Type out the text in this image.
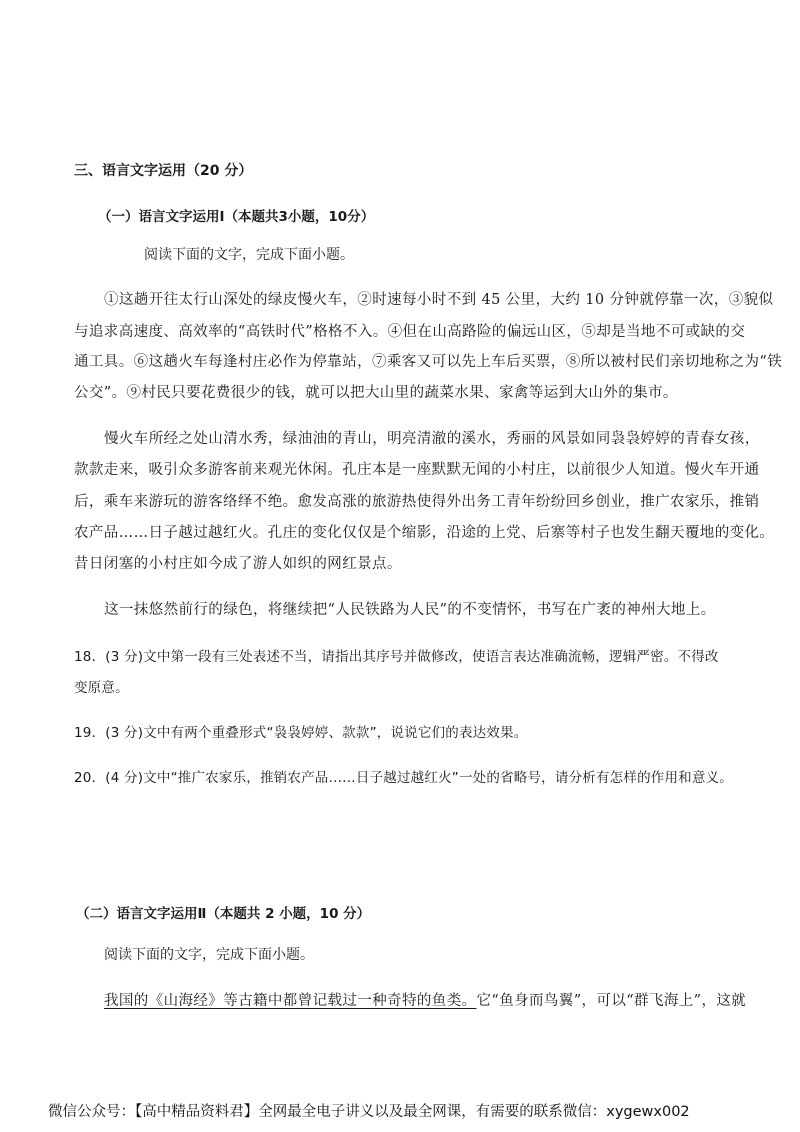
三、语言文字运用（20 分）
（一）语言文字运用Ⅰ（本题共3小题，10分）
阅读下面的文字，完成下面小题。
①这趟开往太行山深处的绿皮慢火车，②时速每小时不到 45 公里，大约 10 分钟就停靠一次，③貌似
与追求高速度、高效率的“高铁时代”格格不入。④但在山高路险的偏远山区，⑤却是当地不可或缺的交
通工具。⑥这趟火车每逢村庄必作为停靠站，⑦乘客又可以先上车后买票，⑧所以被村民们亲切地称之为“铁
公交”。⑨村民只要花费很少的钱，就可以把大山里的蔬菜水果、家禽等运到大山外的集市。
慢火车所经之处山清水秀，绿油油的青山，明亮清澈的溪水，秀丽的风景如同袅袅婷婷的青春女孩，
款款走来，吸引众多游客前来观光休闲。孔庄本是一座默默无闻的小村庄，以前很少人知道。慢火车开通
后，乘车来游玩的游客络绎不绝。愈发高涨的旅游热使得外出务工青年纷纷回乡创业，推广农家乐，推销
农产品……日子越过越红火。孔庄的变化仅仅是个缩影，沿途的上党、后寨等村子也发生翻天覆地的变化。
昔日闭塞的小村庄如今成了游人如织的网红景点。
这一抹悠然前行的绿色，将继续把“人民铁路为人民”的不变情怀，书写在广袤的神州大地上。
18．(3 分)文中第一段有三处表述不当，请指出其序号并做修改，使语言表达准确流畅，逻辑严密。不得改
变原意。
19．(3 分)文中有两个重叠形式“袅袅婷婷、款款”，说说它们的表达效果。
20．(4 分)文中“推广农家乐，推销农产品……日子越过越红火”一处的省略号，请分析有怎样的作用和意义。
（二）语言文字运用Ⅱ（本题共 2 小题，10 分）
阅读下面的文字，完成下面小题。
我国的《山海经》等古籍中都曾记载过一种奇特的鱼类。它“鱼身而鸟翼”，可以“群飞海上”，这就
微信公众号：【高中精品资料君】全网最全电子讲义以及最全网课，有需要的联系微信：xygewx002
